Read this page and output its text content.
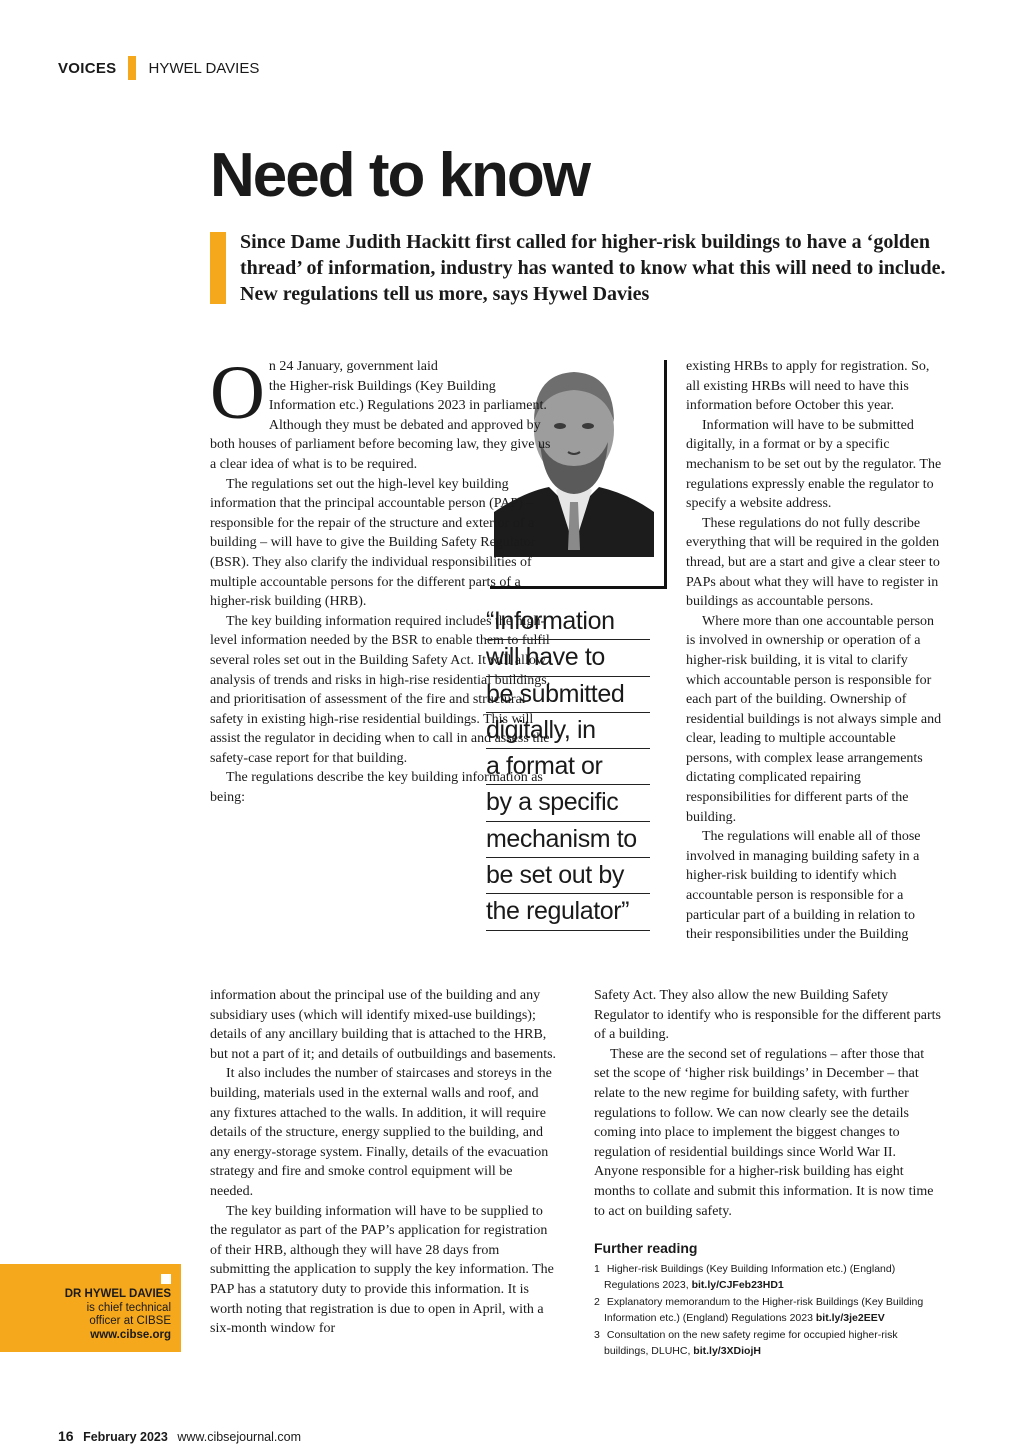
VOICES HYWEL DAVIES
Need to know

Since Dame Judith Hackitt first called for higher-risk buildings to have a ‘golden thread’ of information, industry has wanted to know what this will need to include. New regulations tell us more, says Hywel Davies

On 24 January, government laid the Higher-risk Buildings (Key Building Information etc.) Regulations 2023 in parliament. Although they must be debated and approved by both houses of parliament before becoming law, they give us a clear idea of what is to be required.

The regulations set out the high-level key building information that the principal accountable person (PAP) – responsible for the repair of the structure and exterior of a building – will have to give the Building Safety Regulator (BSR). They also clarify the individual responsibilities of multiple accountable persons for the different parts of a higher-risk building (HRB).

The key building information required includes the high-level information needed by the BSR to enable them to fulfil several roles set out in the Building Safety Act. It will allow analysis of trends and risks in high-rise residential buildings, and prioritisation of assessment of the fire and structural safety in existing high-rise residential buildings. This will assist the regulator in deciding when to call in and assess the safety-case report for that building.

The regulations describe the key building information as being:

information about the principal use of the building and any subsidiary uses (which will identify mixed-use buildings); details of any ancillary building that is attached to the HRB, but not a part of it; and details of outbuildings and basements.

It also includes the number of staircases and storeys in the building, materials used in the external walls and roof, and any fixtures attached to the walls. In addition, it will require details of the structure, energy supplied to the building, and any energy-storage system. Finally, details of the evacuation strategy and fire and smoke control equipment will be needed.

The key building information will have to be supplied to the regulator as part of the PAP’s application for registration of their HRB, although they will have 28 days from submitting the application to supply the key information. The PAP has a statutory duty to provide this information. It is worth noting that registration is due to open in April, with a six-month window for

“Information
will have to
be submitted
digitally, in
a format or
by a specific
mechanism to
be set out by
the regulator”

existing HRBs to apply for registration. So, all existing HRBs will need to have this information before October this year.

Information will have to be submitted digitally, in a format or by a specific mechanism to be set out by the regulator. The regulations expressly enable the regulator to specify a website address.

These regulations do not fully describe everything that will be required in the golden thread, but are a start and give a clear steer to PAPs about what they will have to register in buildings as accountable persons.

Where more than one accountable person is involved in ownership or operation of a higher-risk building, it is vital to clarify which accountable person is responsible for each part of the building. Ownership of residential buildings is not always simple and clear, leading to multiple accountable persons, with complex lease arrangements dictating complicated repairing responsibilities for different parts of the building.

The regulations will enable all of those involved in managing building safety in a higher-risk building to identify which accountable person is responsible for a particular part of a building in relation to their responsibilities under the Building

Safety Act. They also allow the new Building Safety Regulator to identify who is responsible for the different parts of a building.

These are the second set of regulations – after those that set the scope of ‘higher risk buildings’ in December – that relate to the new regime for building safety, with further regulations to follow. We can now clearly see the details coming into place to implement the biggest changes to regulation of residential buildings since World War II. Anyone responsible for a higher-risk building has eight months to collate and submit this information. It is now time to act on building safety.

Further reading
1 Higher-risk Buildings (Key Building Information etc.) (England) Regulations 2023, bit.ly/CJFeb23HD1
2 Explanatory memorandum to the Higher-risk Buildings (Key Building Information etc.) (England) Regulations 2023 bit.ly/3je2EEV
3 Consultation on the new safety regime for occupied higher-risk buildings, DLUHC, bit.ly/3XDiojH
DR HYWEL DAVIES
is chief technical
officer at CIBSE
www.cibse.org
16 February 2023 www.cibsejournal.com
